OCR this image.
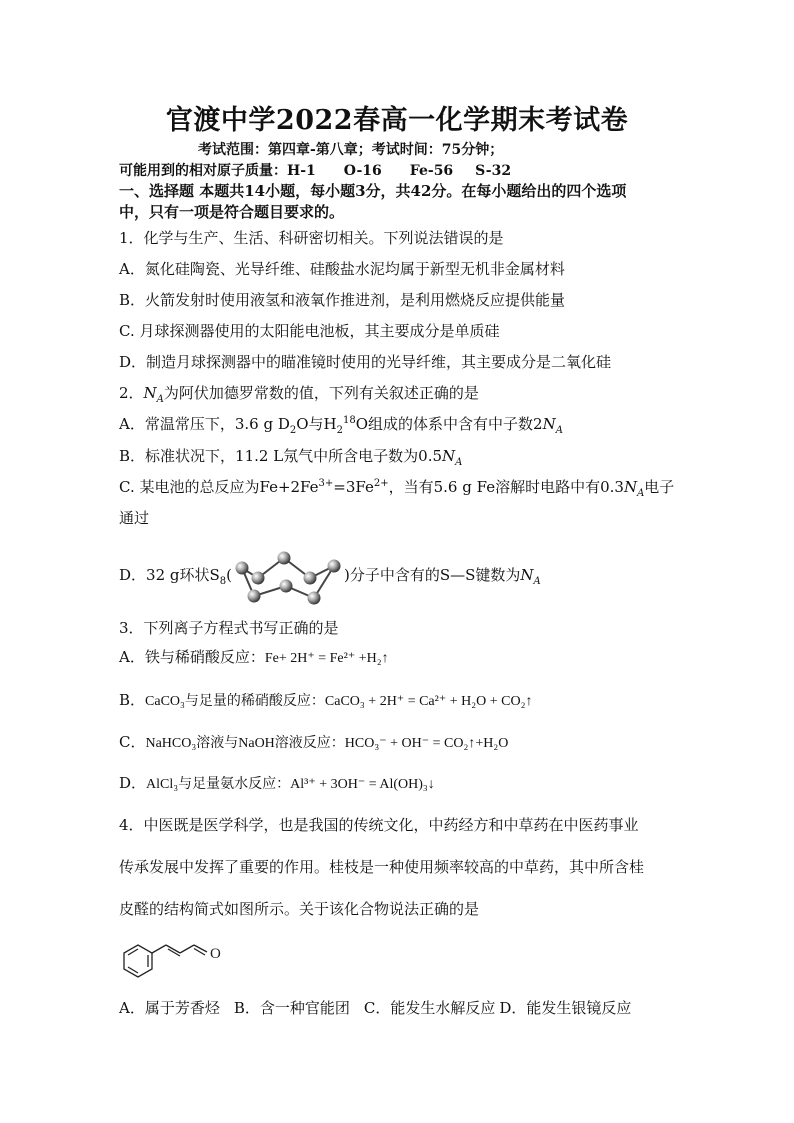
官渡中学2022春高一化学期末考试卷
考试范围：第四章-第八章；考试时间：75分钟；
可能用到的相对原子质量：H-1 O-16 Fe-56 S-32
一、选择题 本题共14小题，每小题3分，共42分。在每小题给出的四个选项
中，只有一项是符合题目要求的。
1．化学与生产、生活、科研密切相关。下列说法错误的是
A．氮化硅陶瓷、光导纤维、硅酸盐水泥均属于新型无机非金属材料
B．火箭发射时使用液氢和液氧作推进剂，是利用燃烧反应提供能量
C. 月球探测器使用的太阳能电池板，其主要成分是单质硅
D．制造月球探测器中的瞄准镜时使用的光导纤维，其主要成分是二氧化硅
2．$N_A$为阿伏加德罗常数的值，下列有关叙述正确的是
A．常温常压下，3.6 g $D_2O$与$H_2^{18}O$组成的体系中含有中子数$2N_A$
B．标准状况下，11.2 L氖气中所含电子数为$0.5N_A$
C. 某电池的总反应为$Fe+2Fe^{3+}=3Fe^{2+}$，当有5.6 g Fe溶解时电路中有$0.3N_A$电子
通过
D．32 g环状$S_8$(	)分子中含有的S—S键数为$N_A$
3．下列离子方程式书写正确的是
A．铁与稀硝酸反应：Fe+ 2H⁺ = Fe²⁺ +H₂↑
B．CaCO₃与足量的稀硝酸反应：CaCO₃ + 2H⁺ = Ca²⁺ + H₂O + CO₂↑
C．NaHCO₃溶液与NaOH溶液反应：HCO₃⁻ + OH⁻ = CO₂↑+H₂O
D．AlCl₃与足量氨水反应：Al³⁺ + 3OH⁻ = Al(OH)₃↓
4．中医既是医学科学，也是我国的传统文化，中药经方和中草药在中医药事业
传承发展中发挥了重要的作用。桂枝是一种使用频率较高的中草药，其中所含桂
皮醛的结构简式如图所示。关于该化合物说法正确的是
O
A．属于芳香烃 B．含一种官能团 C．能发生水解反应 D．能发生银镜反应
